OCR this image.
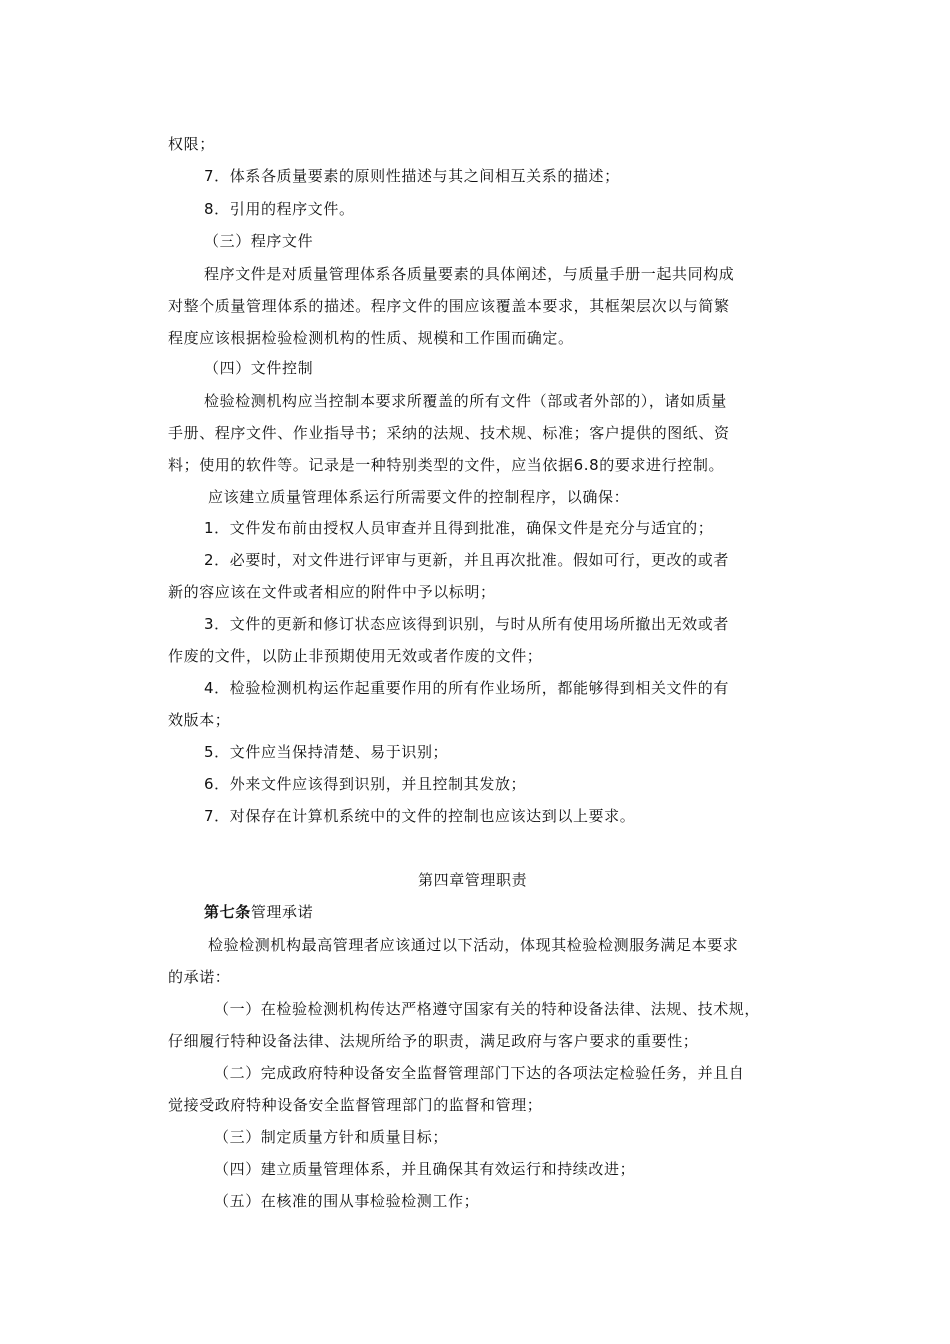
权限；
7．体系各质量要素的原则性描述与其之间相互关系的描述；
8．引用的程序文件。
（三）程序文件
程序文件是对质量管理体系各质量要素的具体阐述，与质量手册一起共同构成
对整个质量管理体系的描述。程序文件的围应该覆盖本要求，其框架层次以与简繁
程度应该根据检验检测机构的性质、规模和工作围而确定。
（四）文件控制
检验检测机构应当控制本要求所覆盖的所有文件（部或者外部的），诸如质量
手册、程序文件、作业指导书；采纳的法规、技术规、标准；客户提供的图纸、资
料；使用的软件等。记录是一种特别类型的文件，应当依据6.8的要求进行控制。
应该建立质量管理体系运行所需要文件的控制程序，以确保：
1．文件发布前由授权人员审查并且得到批准，确保文件是充分与适宜的；
2．必要时，对文件进行评审与更新，并且再次批准。假如可行，更改的或者
新的容应该在文件或者相应的附件中予以标明；
3．文件的更新和修订状态应该得到识别，与时从所有使用场所撤出无效或者
作废的文件，以防止非预期使用无效或者作废的文件；
4．检验检测机构运作起重要作用的所有作业场所，都能够得到相关文件的有
效版本；
5．文件应当保持清楚、易于识别；
6．外来文件应该得到识别，并且控制其发放；
7．对保存在计算机系统中的文件的控制也应该达到以上要求。
第四章管理职责
第七条管理承诺
检验检测机构最高管理者应该通过以下活动，体现其检验检测服务满足本要求
的承诺：
（一）在检验检测机构传达严格遵守国家有关的特种设备法律、法规、技术规，
仔细履行特种设备法律、法规所给予的职责，满足政府与客户要求的重要性；
（二）完成政府特种设备安全监督管理部门下达的各项法定检验任务，并且自
觉接受政府特种设备安全监督管理部门的监督和管理；
（三）制定质量方针和质量目标；
（四）建立质量管理体系，并且确保其有效运行和持续改进；
（五）在核准的围从事检验检测工作；
